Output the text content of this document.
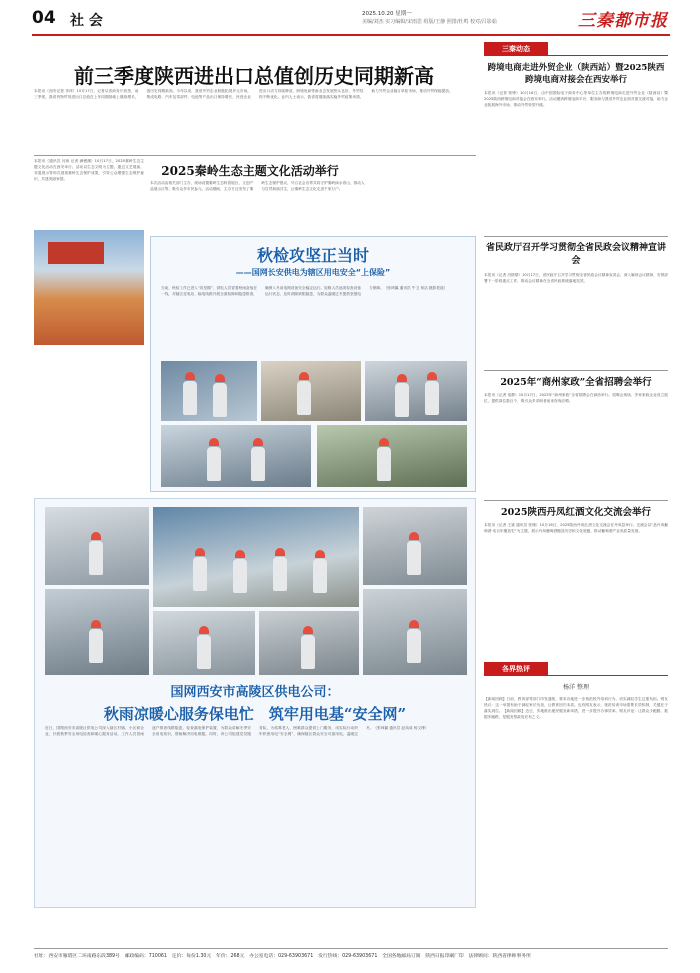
04 社 会	2025.10.20 星期一
美编/刘杰 实习编辑/宋雨思 组版/王静 照排/杜鸣 校对/吕影茹	三秦都市报
前三季度陕西进出口总值创历史同期新高
本报讯（西安记者 李萍）10月17日，记者从省商务厅获悉，前三季度，我省货物贸易进出口总值在上年同期基础上继续增长，创历史同期新高。今年以来，我省外贸企业积极拓展多元市场，集成电路、汽车及零部件、电池等产品出口保持增长，民营企业进出口活力持续释放，跨境电商等新业态发展势头良好，外贸结构不断优化。业内人士表示，我省将继续落实稳外贸政策举措，助力外贸企业稳订单拓市场，推动外贸保稳提质。
本报讯（通讯员 闫琛 记者 满俊渊）10月17日，2025秦岭生态主题文化活动在西安举行。活动以生态文明为主题，通过文艺展演、非遗展示等形式展现秦岭生态保护成果，引导公众增强生态保护意识，共建美丽家园。
2025秦岭生态主题文化活动举行
本次活动由相关部门主办，现场设置秦岭生态科普展区、文创产品展示区等，吸引众多市民参与。活动期间，主办方还发布了秦岭生态保护倡议，号召社会各界共同守护秦岭绿水青山，推动人与自然和谐共生，让秦岭生态文化走进千家万户。
秋检攻坚正当时
——国网长安供电为辖区用电安全“上保险”
当前，秋检工作已进入“攻坚期”，供电人员冒着秋雨奋战在一线，对辖区变电站、输电线路开展全面检修和隐患排查，确保入冬前电网设备安全稳定运行。检修人员逐项检查设备运行状态，及时消除缺陷隐患，为群众温暖过冬提供坚强电力保障。（张琦翼 通讯员 牛卫 何洁 摄影报道）
国网西安市高陵区供电公司：
秋雨凉暖心服务保电忙　筑牢用电基“安全网”
近日，国网西安市高陵区供电公司深入辖区村镇、小区和企业，开展秋季安全用电检查和暖心服务活动。工作人员冒雨逐户排查线路隐患，检查漏电保护装置，为群众讲解冬季安全用电常识，帮助解决用电难题。同时，该公司组建党员服务队，为孤寡老人、困难群众提供上门服务，用实际行动织牢织密用电“安全网”，确保辖区群众安全可靠用电、温暖过冬。（张琦翼 通讯员 赵凤成 杨文博）
三秦动态
跨境电商走进外贸企业（陕西站）暨2025陕西跨境电商对接会在西安举行
本报讯（记者 郭博）10月16日，由中国国际电子商务中心等单位主办的跨境电商走进外贸企业（陕西站）暨2025陕西跨境电商对接会在西安举行。活动邀请跨境电商平台、服务商与我省外贸企业面对面交流对接，助力企业拓展海外市场，推动外贸转型升级。
省民政厅召开学习贯彻全省民政会议精神宣讲会
本报讯（记者 冯倩倩）10月17日，省民政厅召开学习贯彻全省民政会议精神宣讲会，深入解读会议精神，安排部署下一阶段重点工作，推动会议精神在全省民政系统落地见效。
2025年“商州家政”全省招聘会举行
本报讯（记者 梁静）10月17日，2025年“商州家政”全省招聘会在商洛举行。招聘会现场，多家家政企业设立展位，提供岗位数百个，吸引众多求职者前来咨询应聘。
2025陕西丹凤红酒文化交流会举行
本报讯（记者 王斌 通讯员 张珊）10月16日，2025陕西丹凤红酒文化交流会在丹凤县举行。交流会以“品丹凤葡萄酒·话百年酿造史”为主题，展示丹凤葡萄酒酿造历史和文化底蕴，推动葡萄酒产业高质量发展。
各界热评
杨洋 整理
【新闻回顾】日前，教育部等部门印发通知，要求各地进一步规范校外培训行为，切实减轻学生过重负担。网友热议：这一举措有助于减轻家长负担，让教育回归本质。也有网友表示，规范培训市场需要长效机制，关键在于落实到位。【新闻回顾】近日，多地推出便民服务新举措，进一步提升办事效率。网友评论：让群众少跑腿、数据多跑路，是服务型政府应有之义。
社址：西安市雁塔区二环南路东段389号　邮政编码：710061　定价：每份1.30元　年价：268元　办公室电话：029-63903671　发行热线：029-63903671　全国各地邮局订阅　陕西日报印刷厂印　法律顾问：陕西省律师事务所
